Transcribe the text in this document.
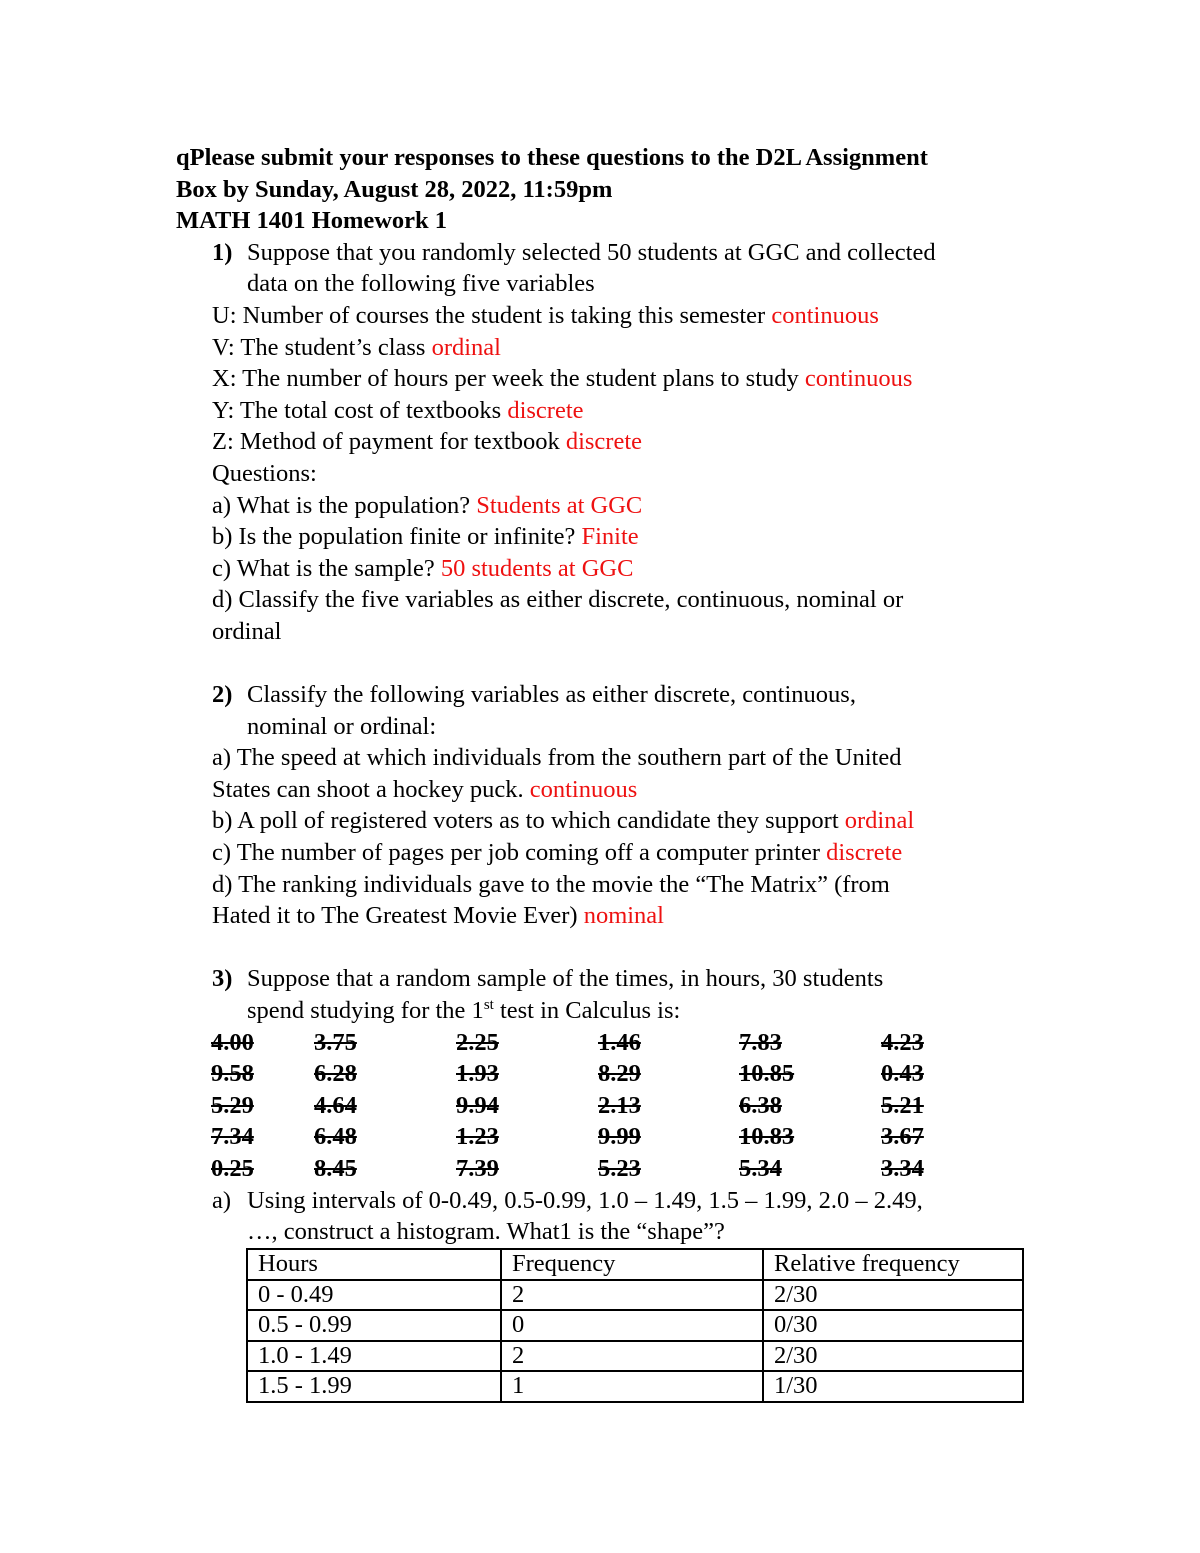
qPlease submit your responses to these questions to the D2L Assignment
Box by Sunday, August 28, 2022, 11:59pm
MATH 1401 Homework 1
1) Suppose that you randomly selected 50 students at GGC and collected
data on the following five variables
U: Number of courses the student is taking this semester continuous
V: The student’s class ordinal
X: The number of hours per week the student plans to study continuous
Y: The total cost of textbooks discrete
Z: Method of payment for textbook discrete
Questions:
a) What is the population? Students at GGC
b) Is the population finite or infinite? Finite
c) What is the sample? 50 students at GGC
d) Classify the five variables as either discrete, continuous, nominal or
ordinal
2) Classify the following variables as either discrete, continuous,
nominal or ordinal:
a) The speed at which individuals from the southern part of the United
States can shoot a hockey puck. continuous
b) A poll of registered voters as to which candidate they support ordinal
c) The number of pages per job coming off a computer printer discrete
d) The ranking individuals gave to the movie the “The Matrix” (from
Hated it to The Greatest Movie Ever) nominal
3) Suppose that a random sample of the times, in hours, 30 students
spend studying for the 1st test in Calculus is:
4.00 3.75	2.25	1.46	7.83	4.23
9.58 6.28	1.93	8.29	10.85	0.43
5.29 4.64	9.94	2.13	6.38	5.21
7.34 6.48	1.23	9.99	10.83	3.67
0.25 8.45	7.39	5.23	5.34	3.34
a) Using intervals of 0-0.49, 0.5-0.99, 1.0 – 1.49, 1.5 – 1.99, 2.0 – 2.49,
…, construct a histogram. What1 is the “shape”?
Hours	Frequency	Relative frequency
0 - 0.49	2	2/30
0.5 - 0.99	0	0/30
1.0 - 1.49	2	2/30
1.5 - 1.99	1	1/30
